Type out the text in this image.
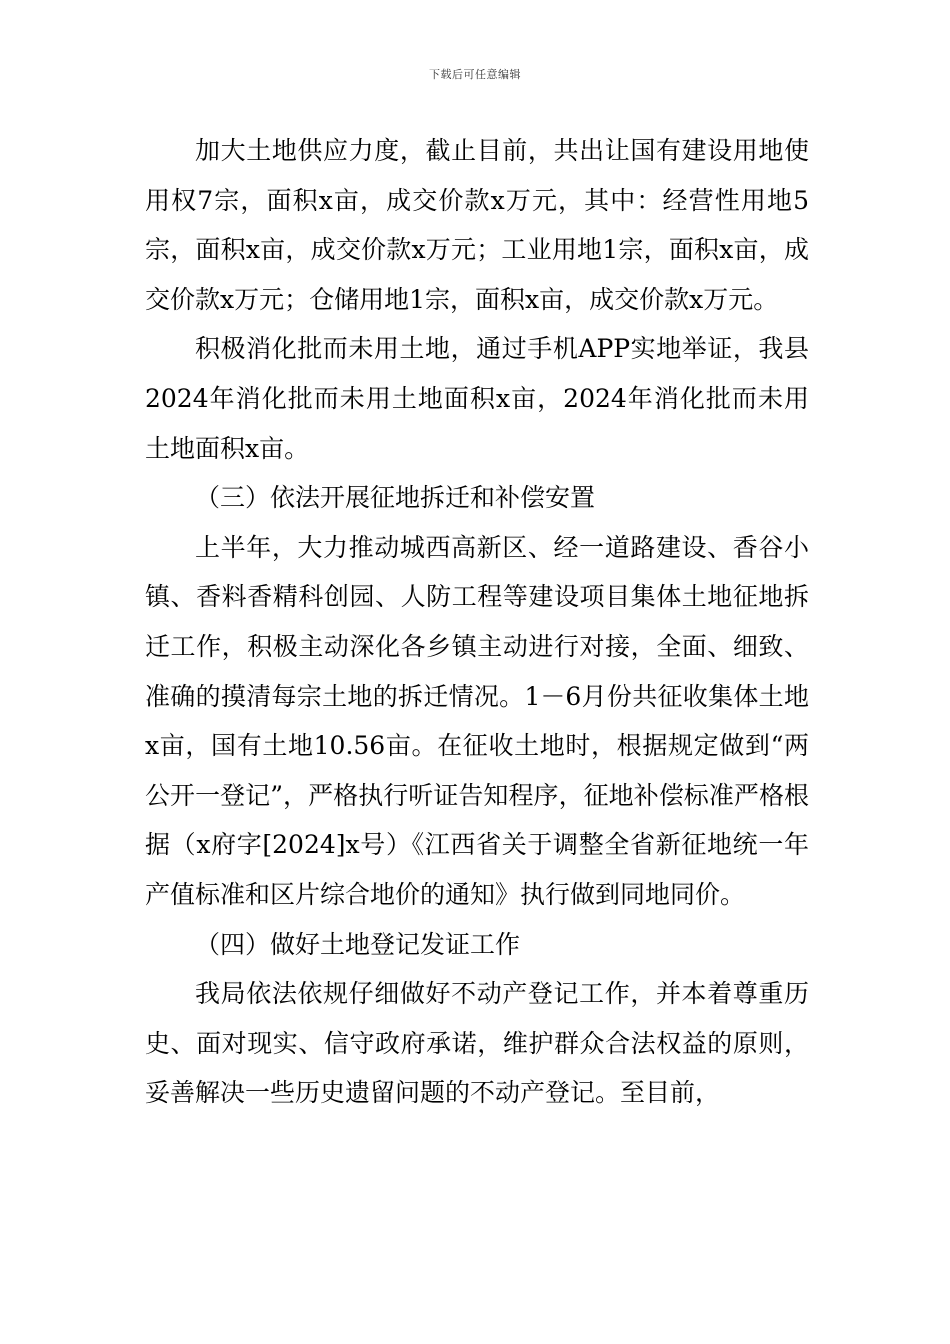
下载后可任意编辑

加大土地供应力度，截止目前，共出让国有建设用地使用权7宗，面积x亩，成交价款x万元，其中：经营性用地5宗，面积x亩，成交价款x万元；工业用地1宗，面积x亩，成交价款x万元；仓储用地1宗，面积x亩，成交价款x万元。

积极消化批而未用土地，通过手机APP实地举证，我县2024年消化批而未用土地面积x亩，2024年消化批而未用土地面积x亩。

（三）依法开展征地拆迁和补偿安置

上半年，大力推动城西高新区、经一道路建设、香谷小镇、香料香精科创园、人防工程等建设项目集体土地征地拆迁工作，积极主动深化各乡镇主动进行对接，全面、细致、准确的摸清每宗土地的拆迁情况。1－6月份共征收集体土地x亩，国有土地10.56亩。在征收土地时，根据规定做到“两公开一登记”，严格执行听证告知程序，征地补偿标准严格根据（x府字[2024]x号）《江西省关于调整全省新征地统一年产值标准和区片综合地价的通知》执行做到同地同价。

（四）做好土地登记发证工作

我局依法依规仔细做好不动产登记工作，并本着尊重历史、面对现实、信守政府承诺，维护群众合法权益的原则，妥善解决一些历史遗留问题的不动产登记。至目前，
